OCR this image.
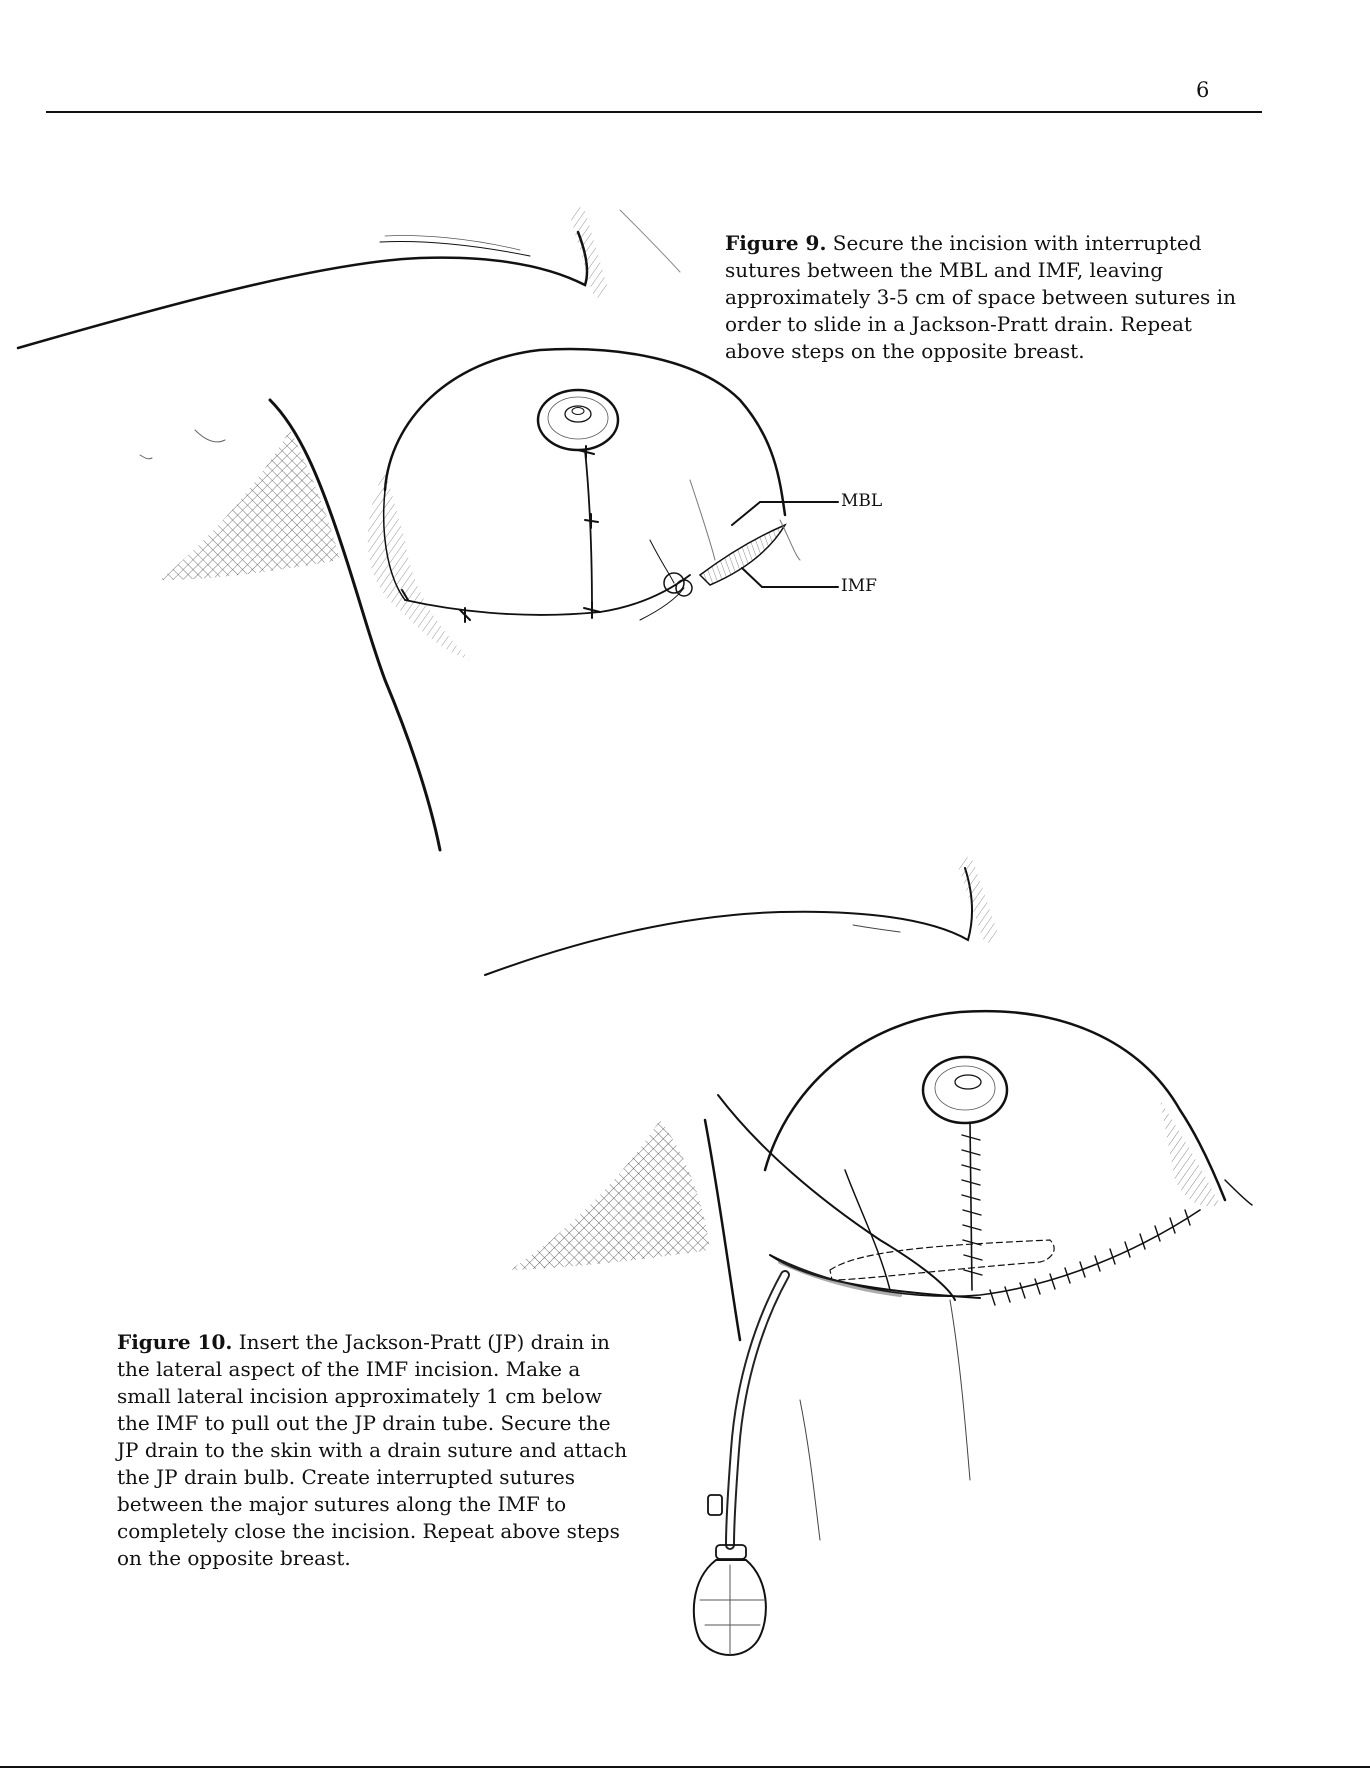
6
MBL
IMF
Figure 9. Secure the incision with interrupted sutures between the MBL and IMF, leaving approximately 3-5 cm of space between sutures in order to slide in a Jackson-Pratt drain. Repeat above steps on the opposite breast.
Figure 10. Insert the Jackson-Pratt (JP) drain in the lateral aspect of the IMF incision. Make a small lateral incision approximately 1 cm below the IMF to pull out the JP drain tube. Secure the JP drain to the skin with a drain suture and attach the JP drain bulb. Create interrupted sutures between the major sutures along the IMF to completely close the incision. Repeat above steps on the opposite breast.
